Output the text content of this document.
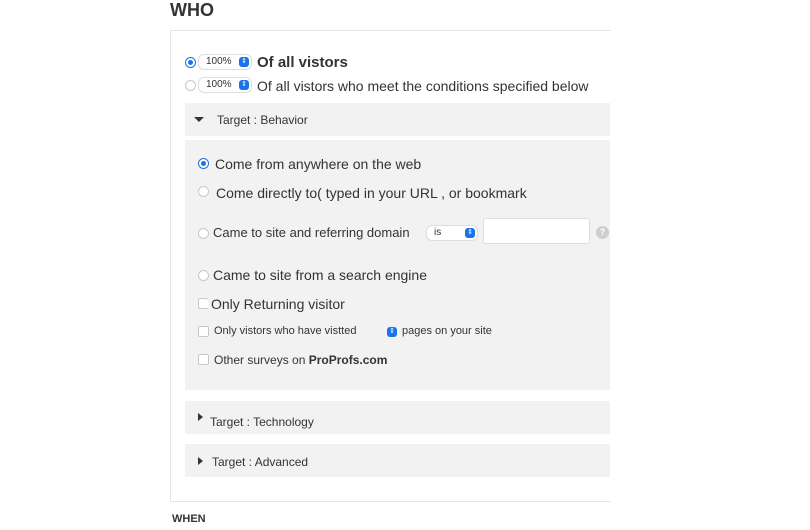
WHO
100% ⇕ Of all vistors
100% ⇕ Of all vistors who meet the conditions specified below
Target : Behavior
Come from anywhere on the web
Come directly to( typed in your URL , or bookmark
Came to site and referring domain	is	⇕	?
Came to site from a search engine
Only Returning visitor
Only vistors who have vistted	⇕ pages on your site
Other surveys on ProProfs.com
Target : Technology
Target : Advanced
WHEN
